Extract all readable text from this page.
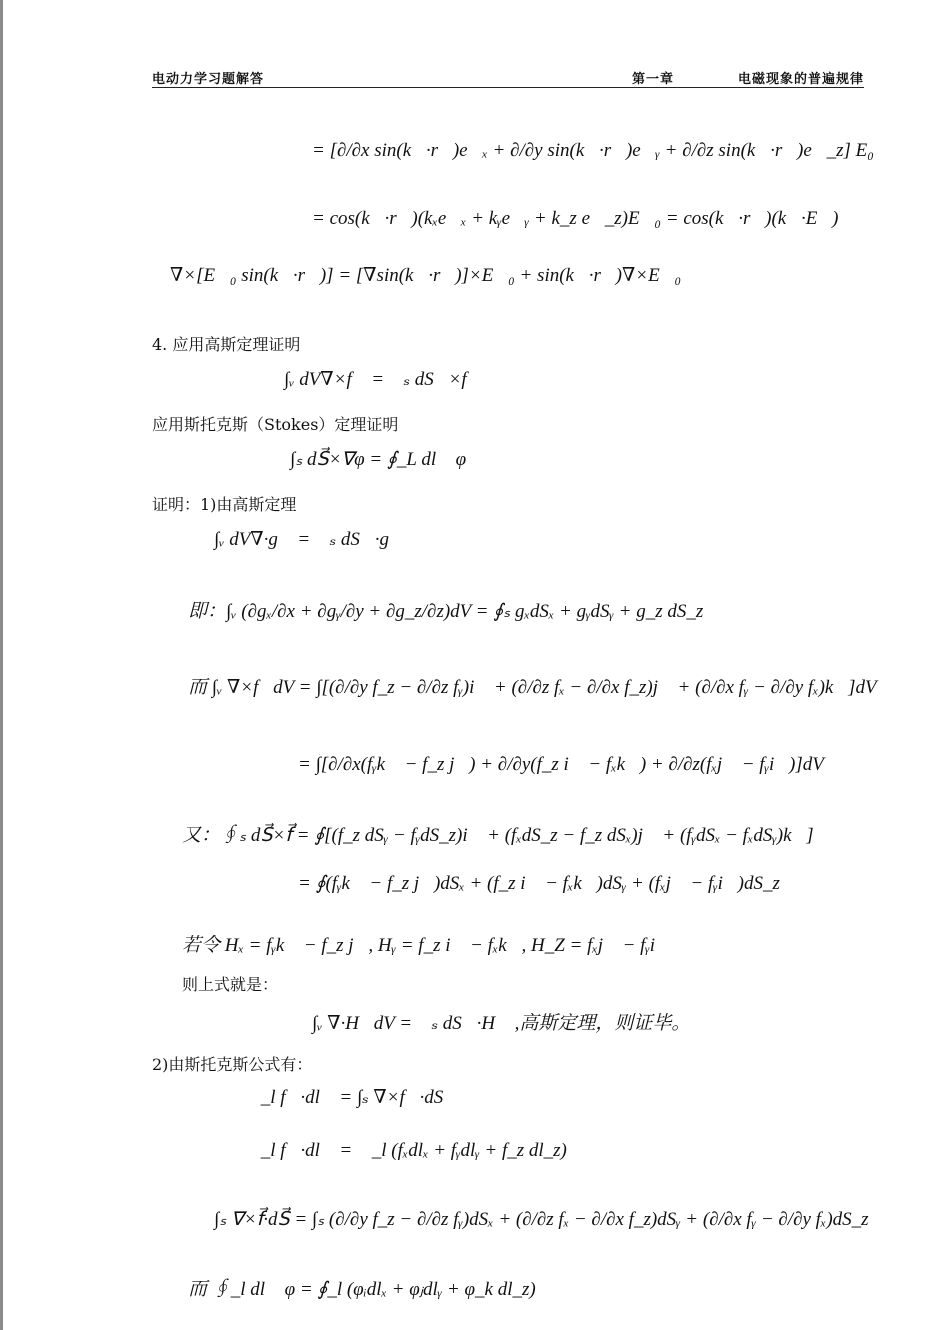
电动力学习题解答	第一章	电磁现象的普遍规律
= [∂/∂x sin(k⃗·r⃗)e⃗ₓ + ∂/∂y sin(k⃗·r⃗)e⃗ᵧ + ∂/∂z sin(k⃗·r⃗)e⃗_z] E₀
= cos(k⃗·r⃗)(kₓe⃗ₓ + kᵧe⃗ᵧ + k_z e⃗_z)E⃗₀ = cos(k⃗·r⃗)(k⃗·E⃗)
∇×[E⃗₀ sin(k⃗·r⃗)] = [∇sin(k⃗·r⃗)]×E⃗₀ + sin(k⃗·r⃗)∇×E⃗₀
4. 应用高斯定理证明
∫ᵥ dV∇×f⃗ = ∮ₛ dS⃗×f⃗
应用斯托克斯（Stokes）定理证明
∫ₛ dS⃗×∇φ = ∮_L dl⃗ φ
证明：1)由高斯定理
∫ᵥ dV∇·g⃗ = ∮ₛ dS⃗·g⃗
即：∫ᵥ (∂gₓ/∂x + ∂gᵧ/∂y + ∂g_z/∂z)dV = ∮ₛ gₓdSₓ + gᵧdSᵧ + g_z dS_z
而 ∫ᵥ ∇×f⃗dV = ∫[(∂/∂y f_z − ∂/∂z fᵧ)i⃗ + (∂/∂z fₓ − ∂/∂x f_z)j⃗ + (∂/∂x fᵧ − ∂/∂y fₓ)k⃗]dV
= ∫[∂/∂x(fᵧk⃗ − f_z j⃗) + ∂/∂y(f_z i⃗ − fₓk⃗) + ∂/∂z(fₓj⃗ − fᵧi⃗)]dV
又：∮ₛ dS⃗×f⃗ = ∮[(f_z dSᵧ − fᵧdS_z)i⃗ + (fₓdS_z − f_z dSₓ)j⃗ + (fᵧdSₓ − fₓdSᵧ)k⃗]
= ∮(fᵧk⃗ − f_z j⃗)dSₓ + (f_z i⃗ − fₓk⃗)dSᵧ + (fₓj⃗ − fᵧi⃗)dS_z
若令 Hₓ = fᵧk⃗ − f_z j⃗, Hᵧ = f_z i⃗ − fₓk⃗, H_Z = fₓj⃗ − fᵧi⃗
则上式就是：
∫ᵥ ∇·H⃗dV = ∮ₛ dS⃗·H⃗ ,高斯定理，则证毕。
2)由斯托克斯公式有：
∮_l f⃗·dl⃗ = ∫ₛ ∇×f⃗·dS⃗
∮_l f⃗·dl⃗ = ∮_l (fₓdlₓ + fᵧdlᵧ + f_z dl_z)
∫ₛ ∇×f⃗·dS⃗ = ∫ₛ (∂/∂y f_z − ∂/∂z fᵧ)dSₓ + (∂/∂z fₓ − ∂/∂x f_z)dSᵧ + (∂/∂x fᵧ − ∂/∂y fₓ)dS_z
而 ∮_l dl⃗ φ = ∮_l (φᵢdlₓ + φⱼdlᵧ + φ_k dl_z)
